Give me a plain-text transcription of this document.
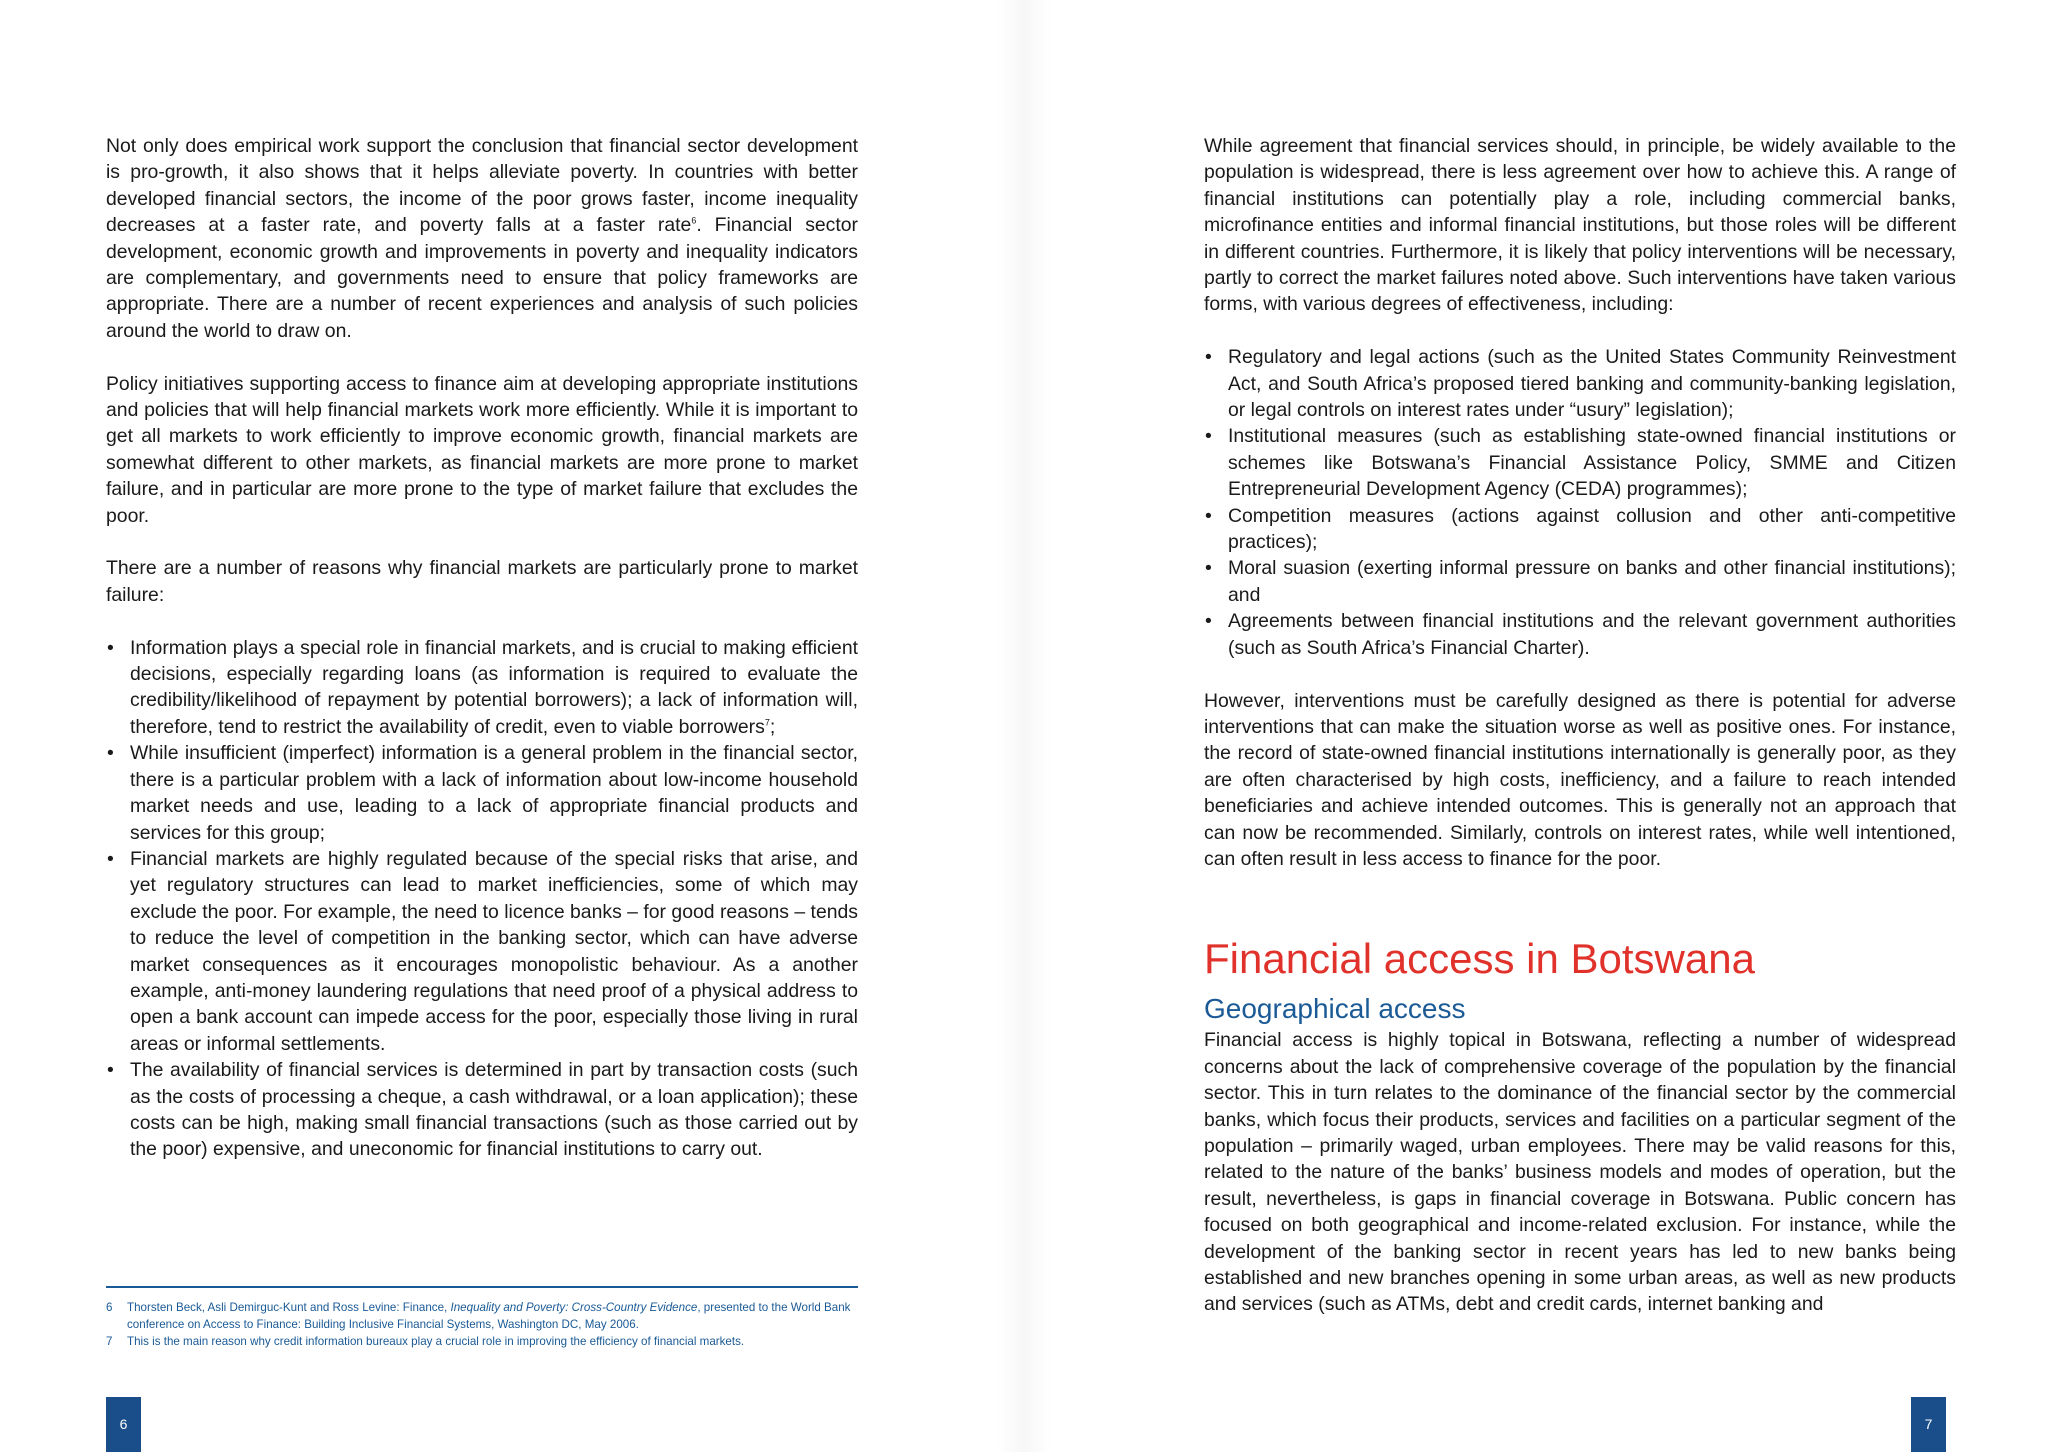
Not only does empirical work support the conclusion that financial sector development is pro-growth, it also shows that it helps alleviate poverty. In countries with better developed financial sectors, the income of the poor grows faster, income inequality decreases at a faster rate, and poverty falls at a faster rate$^6$. Financial sector development, economic growth and improvements in poverty and inequality indicators are complementary, and governments need to ensure that policy frameworks are appropriate. There are a number of recent experiences and analysis of such policies around the world to draw on.

Policy initiatives supporting access to finance aim at developing appropriate institutions and policies that will help financial markets work more efficiently. While it is important to get all markets to work efficiently to improve economic growth, financial markets are somewhat different to other markets, as financial markets are more prone to market failure, and in particular are more prone to the type of market failure that excludes the poor.

There are a number of reasons why financial markets are particularly prone to market failure:

• Information plays a special role in financial markets, and is crucial to making efficient decisions, especially regarding loans (as information is required to evaluate the credibility/likelihood of repayment by potential borrowers); a lack of information will, therefore, tend to restrict the availability of credit, even to viable borrowers$^7$;
• While insufficient (imperfect) information is a general problem in the financial sector, there is a particular problem with a lack of information about low-income household market needs and use, leading to a lack of appropriate financial products and services for this group;
• Financial markets are highly regulated because of the special risks that arise, and yet regulatory structures can lead to market inefficiencies, some of which may exclude the poor. For example, the need to licence banks – for good reasons – tends to reduce the level of competition in the banking sector, which can have adverse market consequences as it encourages monopolistic behaviour. As a another example, anti-money laundering regulations that need proof of a physical address to open a bank account can impede access for the poor, especially those living in rural areas or informal settlements.
• The availability of financial services is determined in part by transaction costs (such as the costs of processing a cheque, a cash withdrawal, or a loan application); these costs can be high, making small financial transactions (such as those carried out by the poor) expensive, and uneconomic for financial institutions to carry out.
6 Thorsten Beck, Asli Demirguc-Kunt and Ross Levine: Finance, Inequality and Poverty: Cross-Country Evidence, presented to the World Bank conference on Access to Finance: Building Inclusive Financial Systems, Washington DC, May 2006.
7 This is the main reason why credit information bureaux play a crucial role in improving the efficiency of financial markets.
6

While agreement that financial services should, in principle, be widely available to the population is widespread, there is less agreement over how to achieve this. A range of financial institutions can potentially play a role, including commercial banks, microfinance entities and informal financial institutions, but those roles will be different in different countries. Furthermore, it is likely that policy interventions will be necessary, partly to correct the market failures noted above. Such interventions have taken various forms, with various degrees of effectiveness, including:

• Regulatory and legal actions (such as the United States Community Reinvestment Act, and South Africa’s proposed tiered banking and community-banking legislation, or legal controls on interest rates under “usury” legislation);
• Institutional measures (such as establishing state-owned financial institutions or schemes like Botswana’s Financial Assistance Policy, SMME and Citizen Entrepreneurial Development Agency (CEDA) programmes);
• Competition measures (actions against collusion and other anti-competitive practices);
• Moral suasion (exerting informal pressure on banks and other financial institutions); and
• Agreements between financial institutions and the relevant government authorities (such as South Africa’s Financial Charter).

However, interventions must be carefully designed as there is potential for adverse interventions that can make the situation worse as well as positive ones. For instance, the record of state-owned financial institutions internationally is generally poor, as they are often characterised by high costs, inefficiency, and a failure to reach intended beneficiaries and achieve intended outcomes. This is generally not an approach that can now be recommended. Similarly, controls on interest rates, while well intentioned, can often result in less access to finance for the poor.

Financial access in Botswana
Geographical access

Financial access is highly topical in Botswana, reflecting a number of widespread concerns about the lack of comprehensive coverage of the population by the financial sector. This in turn relates to the dominance of the financial sector by the commercial banks, which focus their products, services and facilities on a particular segment of the population – primarily waged, urban employees. There may be valid reasons for this, related to the nature of the banks’ business models and modes of operation, but the result, nevertheless, is gaps in financial coverage in Botswana. Public concern has focused on both geographical and income-related exclusion. For instance, while the development of the banking sector in recent years has led to new banks being established and new branches opening in some urban areas, as well as new products and services (such as ATMs, debt and credit cards, internet banking and

7
